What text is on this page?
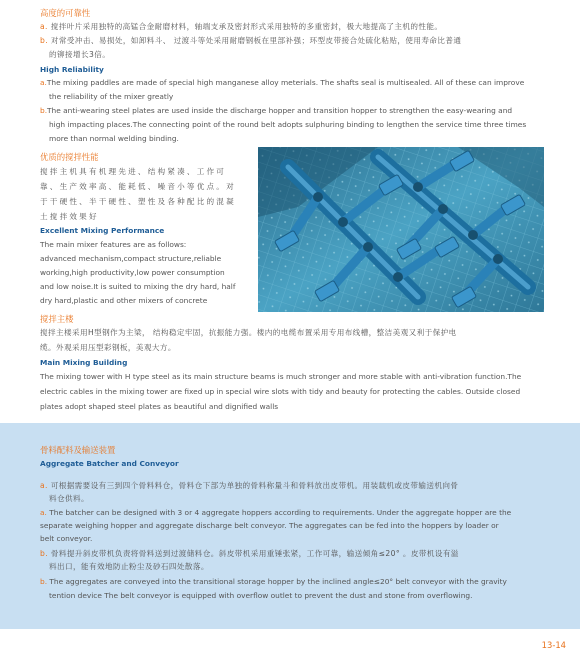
高度的可靠性
a. 搅拌叶片采用独特的高锰合金耐磨材料，轴端支承及密封形式采用独特的多重密封，极大地提高了主机的性能。
b. 对常受冲击、易损处，如卸料斗、 过渡斗等处采用耐磨钢板在里部补强；环型皮带接合处硫化粘贴，使用寿命比普通
的铆接增长3倍。
High Reliability
a.The mixing paddles are made of special high manganese alloy meterials. The shafts seal is multisealed. All of these can improve
the reliability of the mixer greatly
b.The anti-wearing steel plates are used inside the discharge hopper and transition hopper to strengthen the easy-wearing and
high impacting places.The connecting point of the round belt adopts sulphuring binding to lengthen the service time three times
more than normal welding binding.
优质的搅拌性能
搅拌主机具有机理先进、结构紧凑、工作可
靠、生产效率高、能耗低、噪音小等优点。对
于干硬性、半干硬性、塑性及各种配比的混凝
土搅拌效果好
Excellent Mixing Performance
The main mixer features are as follows:
advanced mechanism,compact structure,reliable
working,high productivity,low power consumption
and low noise.It is suited to mixing the dry hard, half
dry hard,plastic and other mixers of concrete
搅拌主楼
搅拌主楼采用H型钢作为主梁， 结构稳定牢固，抗振能力强。楼内的电缆布置采用专用布线槽，整洁美观又利于保护电
缆。外观采用压型彩钢板，美观大方。
Main Mixing Building
The mixing tower with H type steel as its main structure beams is much stronger and more stable with anti-vibration function.The
electric cables in the mixing tower are fixed up in special wire slots with tidy and beauty for protecting the cables. Outside closed
plates adopt shaped steel plates as beautiful and dignified walls
骨料配料及输送装置
Aggregate Batcher and Conveyor
a. 可根据需要设有三到四个骨料料仓，骨料仓下部为单独的骨料称量斗和骨料放出皮带机。用装载机或皮带输送机向骨
料仓供料。
a. The batcher can be designed with 3 or 4 aggregate hoppers according to requirements. Under the aggregate hopper are the
separate weighing hopper and aggregate discharge belt conveyor. The aggregates can be fed into the hoppers by loader or
belt conveyor.
b. 骨料提升斜皮带机负责将骨料送到过渡储料仓。斜皮带机采用重锤张紧，工作可靠，输送倾角≤20° 。皮带机设有溢
料出口，能有效地防止粉尘及砂石四处散落。
b. The aggregates are conveyed into the transitional storage hopper by the inclined angle≤20° belt conveyor with the gravity
tention device The belt conveyor is equipped with overflow outlet to prevent the dust and stone from overflowing.
13-14
